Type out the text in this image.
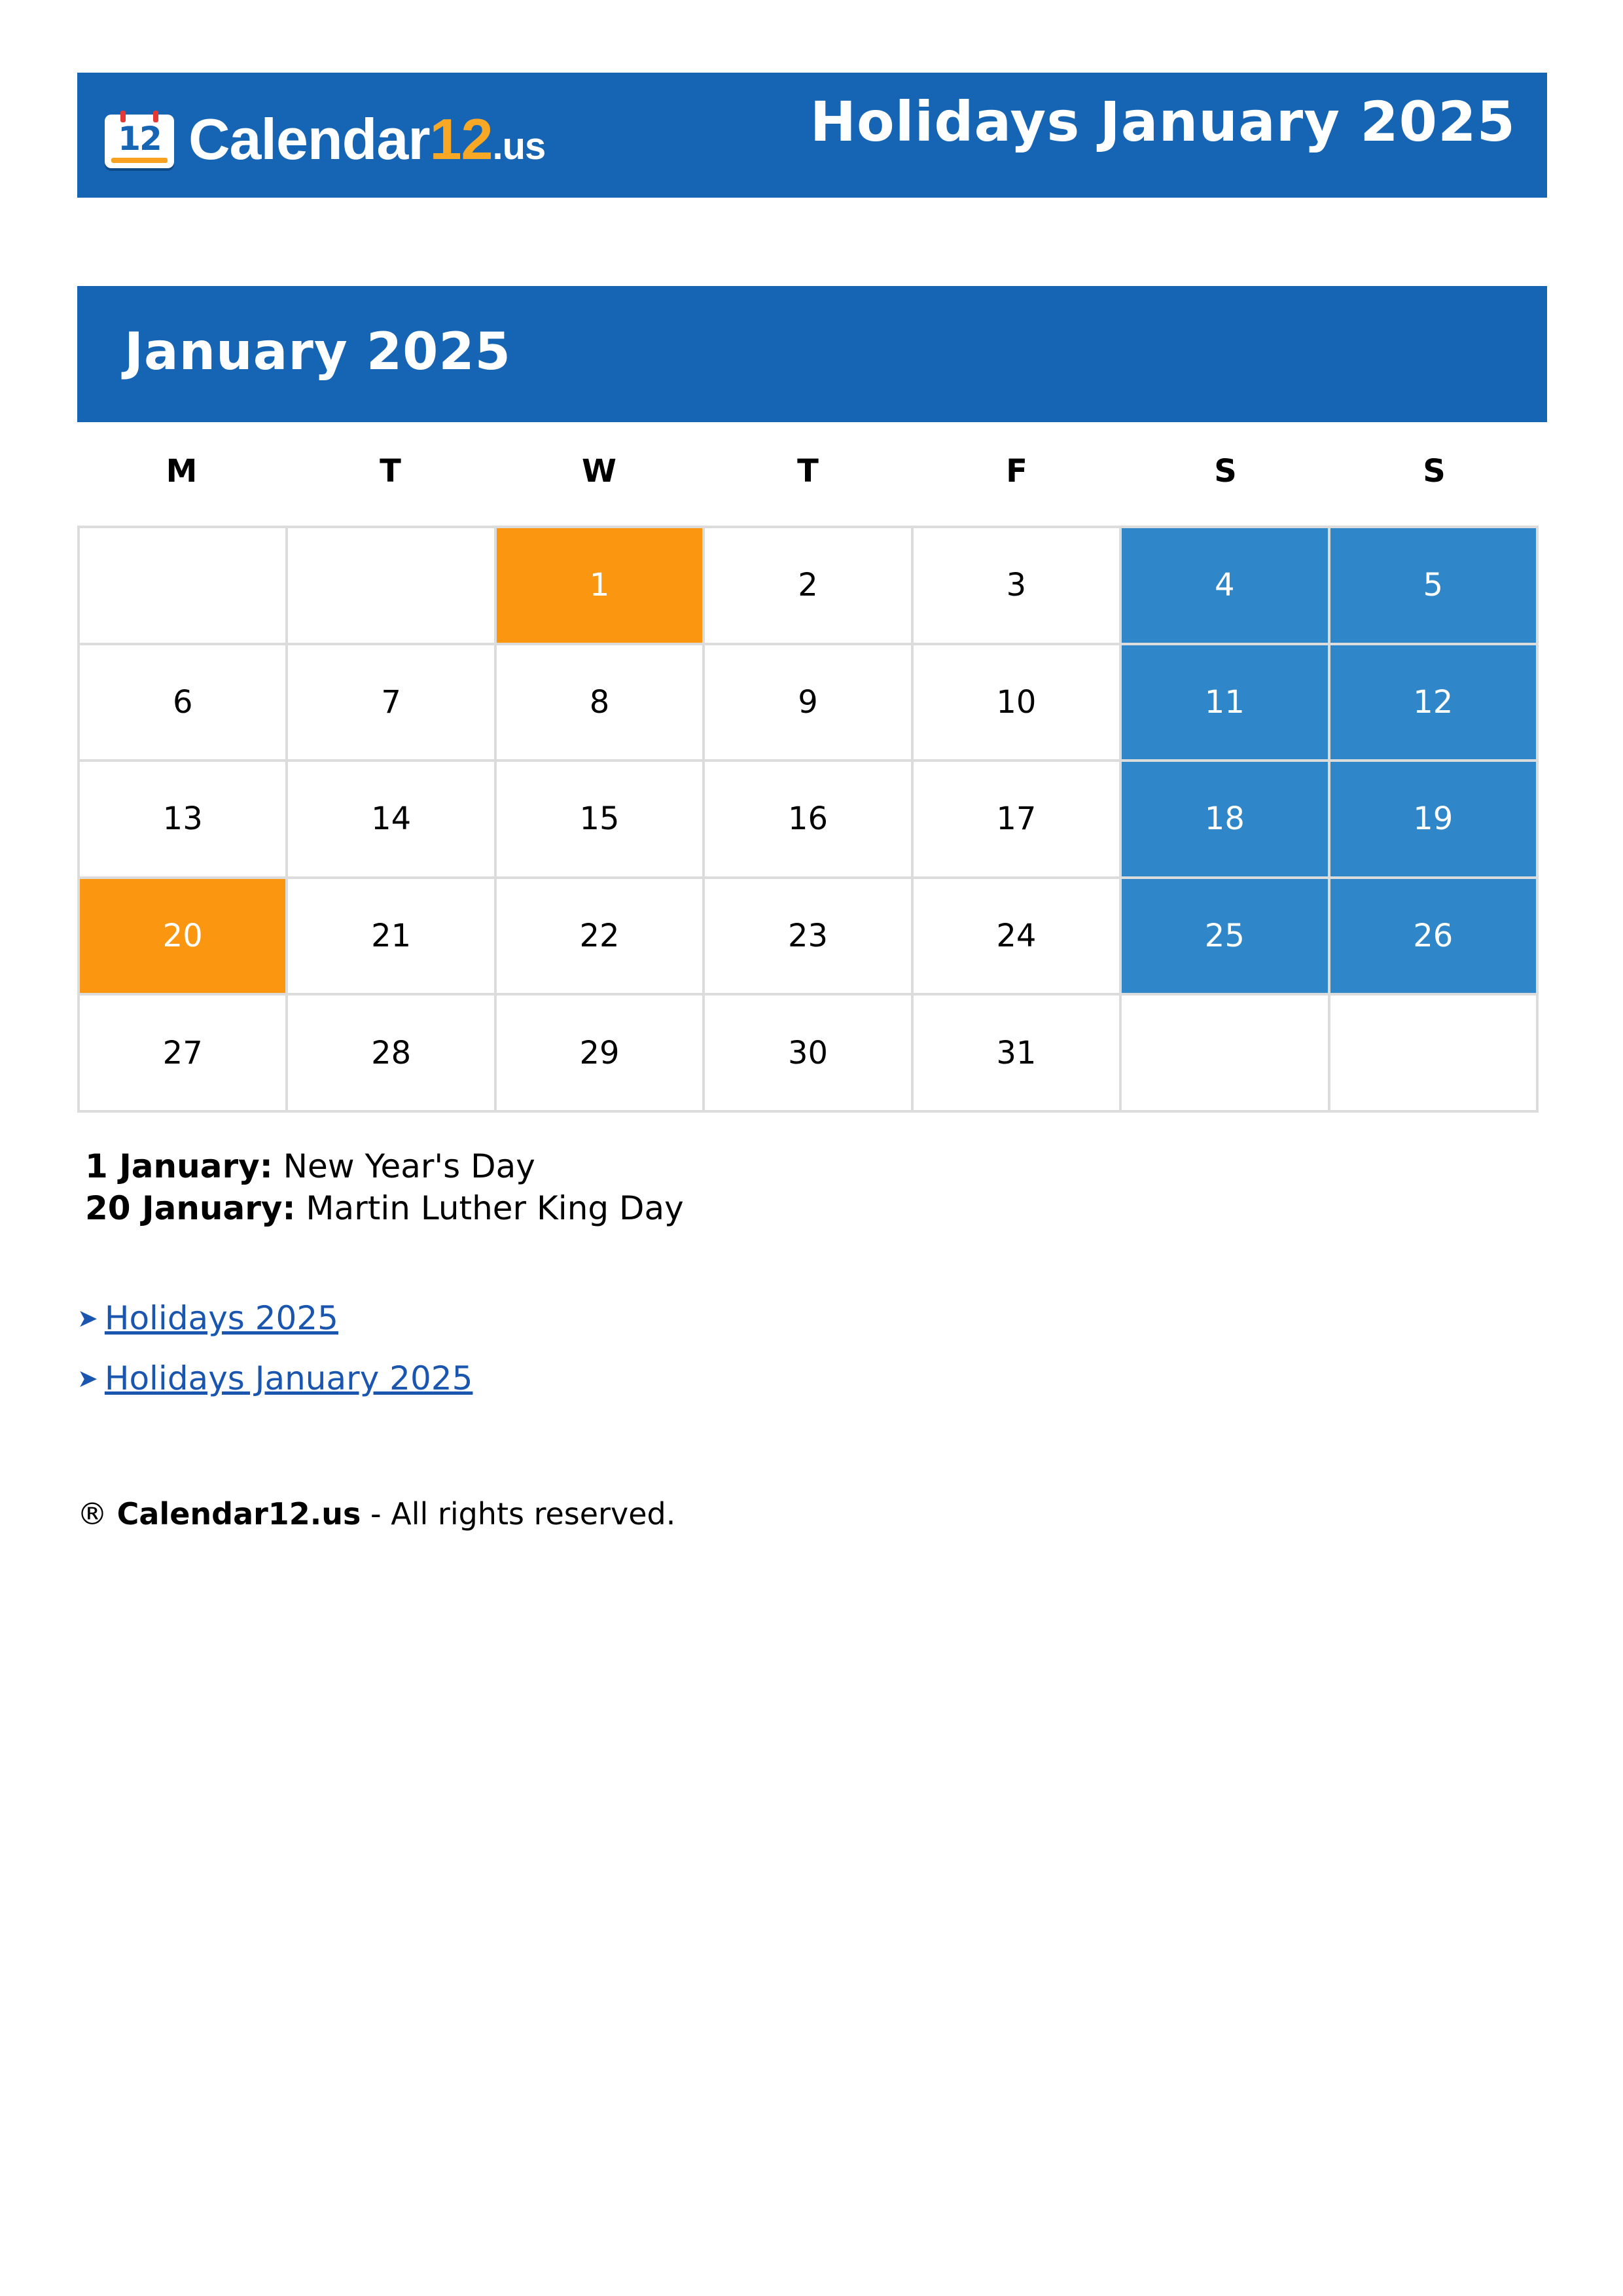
12 Calendar12.us	Holidays January 2025
January 2025
M	T	W	T	F	S	S
		1	2	3	4	5
6	7	8	9	10	11	12
13	14	15	16	17	18	19
20	21	22	23	24	25	26
27	28	29	30	31		
1 January: New Year's Day
20 January: Martin Luther King Day
➤ Holidays 2025
➤ Holidays January 2025
® Calendar12.us - All rights reserved.
